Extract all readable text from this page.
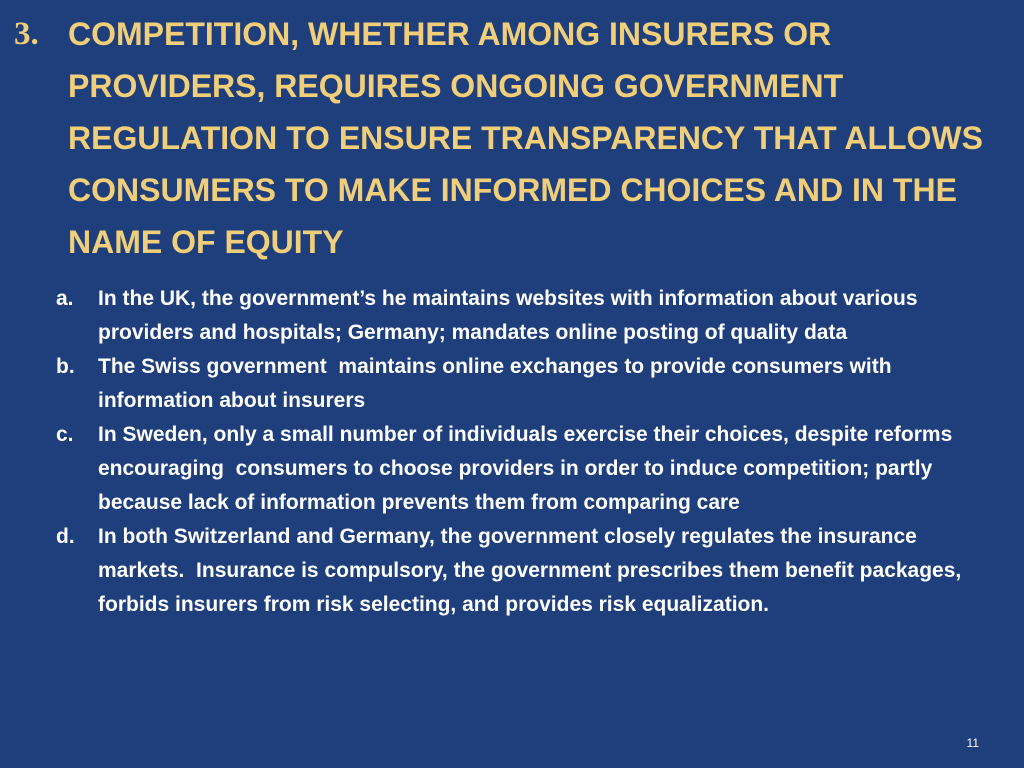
3. COMPETITION, WHETHER AMONG INSURERS OR PROVIDERS, REQUIRES ONGOING GOVERNMENT REGULATION TO ENSURE TRANSPARENCY THAT ALLOWS CONSUMERS TO MAKE INFORMED CHOICES AND IN THE NAME OF EQUITY
a.	In the UK, the government’s he maintains websites with information about various providers and hospitals; Germany; mandates online posting of quality data
b.	The Swiss government  maintains online exchanges to provide consumers with information about insurers
c.	In Sweden, only a small number of individuals exercise their choices, despite reforms encouraging  consumers to choose providers in order to induce competition; partly because lack of information prevents them from comparing care
d.	In both Switzerland and Germany, the government closely regulates the insurance markets.  Insurance is compulsory, the government prescribes them benefit packages, forbids insurers from risk selecting, and provides risk equalization.
11
